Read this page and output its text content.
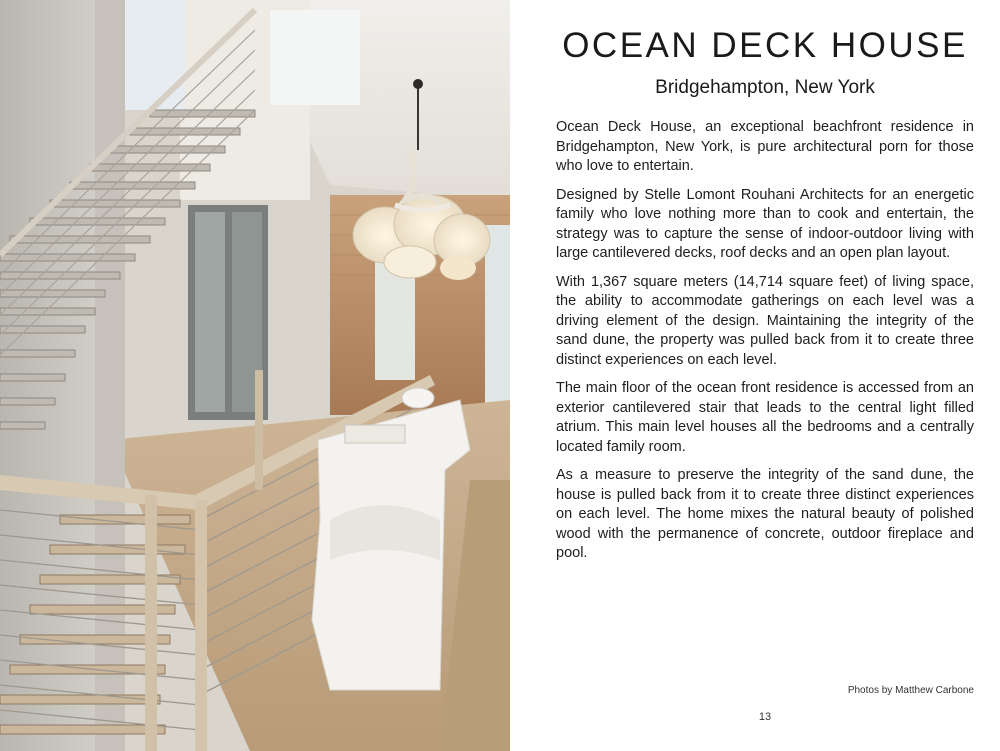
OCEAN DECK HOUSE
Bridgehampton, New York

Ocean Deck House, an exceptional beachfront residence in Bridgehampton, New York, is pure architectural porn for those who love to entertain.

Designed by Stelle Lomont Rouhani Architects for an energetic family who love nothing more than to cook and entertain, the strategy was to capture the sense of indoor-outdoor living with large cantilevered decks, roof decks and an open plan layout.

With 1,367 square meters (14,714 square feet) of living space, the ability to accommodate gatherings on each level was a driving element of the design. Maintaining the integrity of the sand dune, the property was pulled back from it to create three distinct experiences on each level.

The main floor of the ocean front residence is accessed from an exterior cantilevered stair that leads to the central light filled atrium. This main level houses all the bedrooms and a centrally located family room.

As a measure to preserve the integrity of the sand dune, the house is pulled back from it to create three distinct experiences on each level. The home mixes the natural beauty of polished wood with the permanence of concrete, outdoor fireplace and pool.

Photos by Matthew Carbone

13
